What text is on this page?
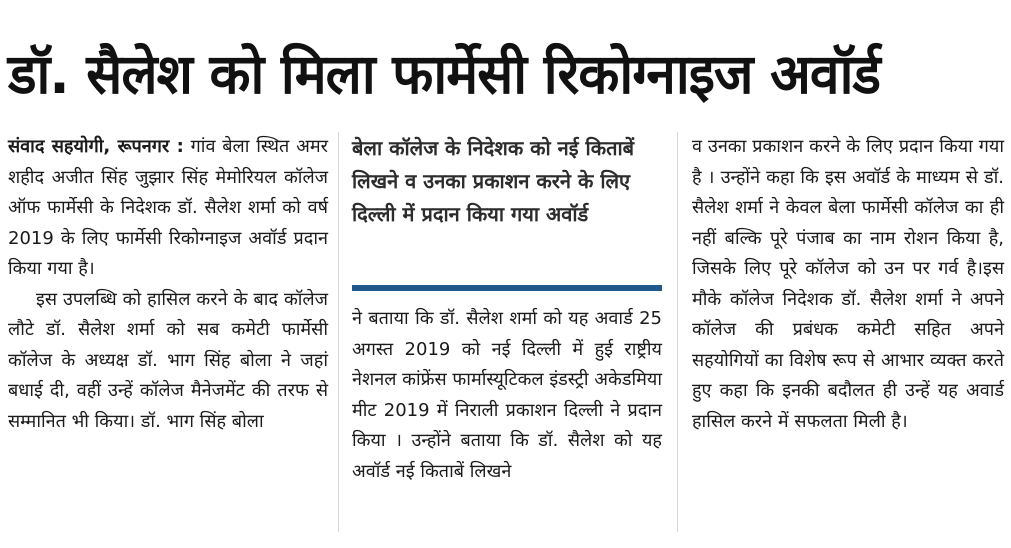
डॉ. सैलेश को मिला फार्मेसी रिकोग्नाइज अवॉर्ड

संवाद सहयोगी, रूपनगर : गांव बेला स्थित अमर शहीद अजीत सिंह जुझार सिंह मेमोरियल कॉलेज ऑफ फार्मेसी के निदेशक डॉ. सैलेश शर्मा को वर्ष 2019 के लिए फार्मेसी रिकोग्नाइज अवॉर्ड प्रदान किया गया है।

इस उपलब्धि को हासिल करने के बाद कॉलेज लौटे डॉ. सैलेश शर्मा को सब कमेटी फार्मेसी कॉलेज के अध्यक्ष डॉ. भाग सिंह बोला ने जहां बधाई दी, वहीं उन्हें कॉलेज मैनेजमेंट की तरफ से सम्मानित भी किया। डॉ. भाग सिंह बोला

बेला कॉलेज के निदेशक को नई किताबें लिखने व उनका प्रकाशन करने के लिए दिल्ली में प्रदान किया गया अवॉर्ड

ने बताया कि डॉ. सैलेश शर्मा को यह अवार्ड 25 अगस्त 2019 को नई दिल्ली में हुई राष्ट्रीय नेशनल कांफ्रेंस फार्मास्यूटिकल इंडस्ट्री अकेडमिया मीट 2019 में निराली प्रकाशन दिल्ली ने प्रदान किया । उन्होंने बताया कि डॉ. सैलेश को यह अवॉर्ड नई किताबें लिखने

व उनका प्रकाशन करने के लिए प्रदान किया गया है । उन्होंने कहा कि इस अवॉर्ड के माध्यम से डॉ. सैलेश शर्मा ने केवल बेला फार्मेसी कॉलेज का ही नहीं बल्कि पूरे पंजाब का नाम रोशन किया है, जिसके लिए पूरे कॉलेज को उन पर गर्व है।इस मौके कॉलेज निदेशक डॉ. सैलेश शर्मा ने अपने कॉलेज की प्रबंधक कमेटी सहित अपने सहयोगियों का विशेष रूप से आभार व्यक्त करते हुए कहा कि इनकी बदौलत ही उन्हें यह अवार्ड हासिल करने में सफलता मिली है।
